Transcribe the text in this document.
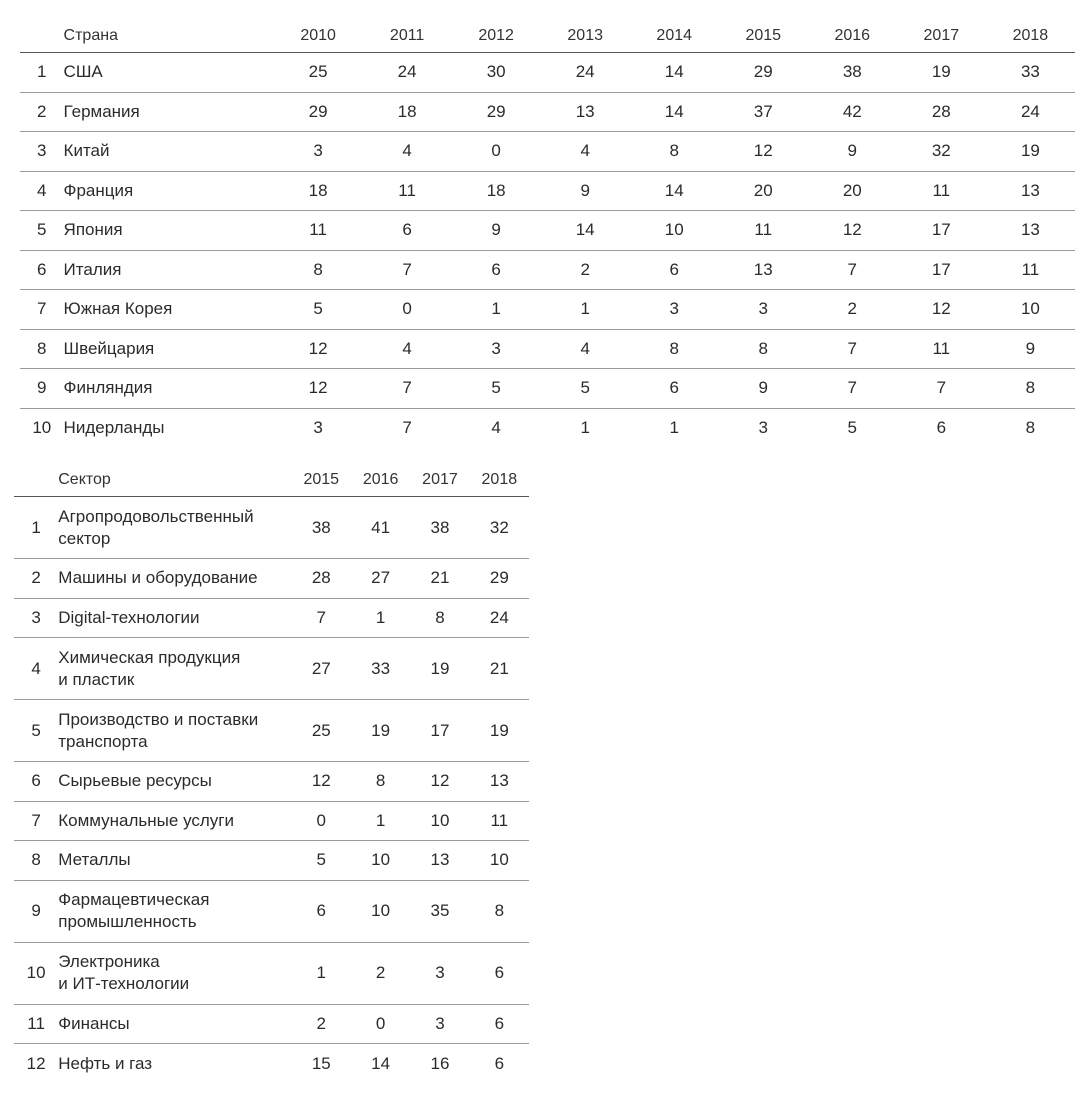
	Страна	2010	2011	2012	2013	2014	2015	2016	2017	2018
1	США	25	24	30	24	14	29	38	19	33
2	Германия	29	18	29	13	14	37	42	28	24
3	Китай	3	4	0	4	8	12	9	32	19
4	Франция	18	11	18	9	14	20	20	11	13
5	Япония	11	6	9	14	10	11	12	17	13
6	Италия	8	7	6	2	6	13	7	17	11
7	Южная Корея	5	0	1	1	3	3	2	12	10
8	Швейцария	12	4	3	4	8	8	7	11	9
9	Финляндия	12	7	5	5	6	9	7	7	8
10	Нидерланды	3	7	4	1	1	3	5	6	8
	Сектор	2015	2016	2017	2018
1	Агропродовольственный
сектор	38	41	38	32
2	Машины и оборудование	28	27	21	29
3	Digital-технологии	7	1	8	24
4	Химическая продукция
и пластик	27	33	19	21
5	Производство и поставки
транспорта	25	19	17	19
6	Сырьевые ресурсы	12	8	12	13
7	Коммунальные услуги	0	1	10	11
8	Металлы	5	10	13	10
9	Фармацевтическая
промышленность	6	10	35	8
10	Электроника
и ИТ-технологии	1	2	3	6
11	Финансы	2	0	3	6
12	Нефть и газ	15	14	16	6
